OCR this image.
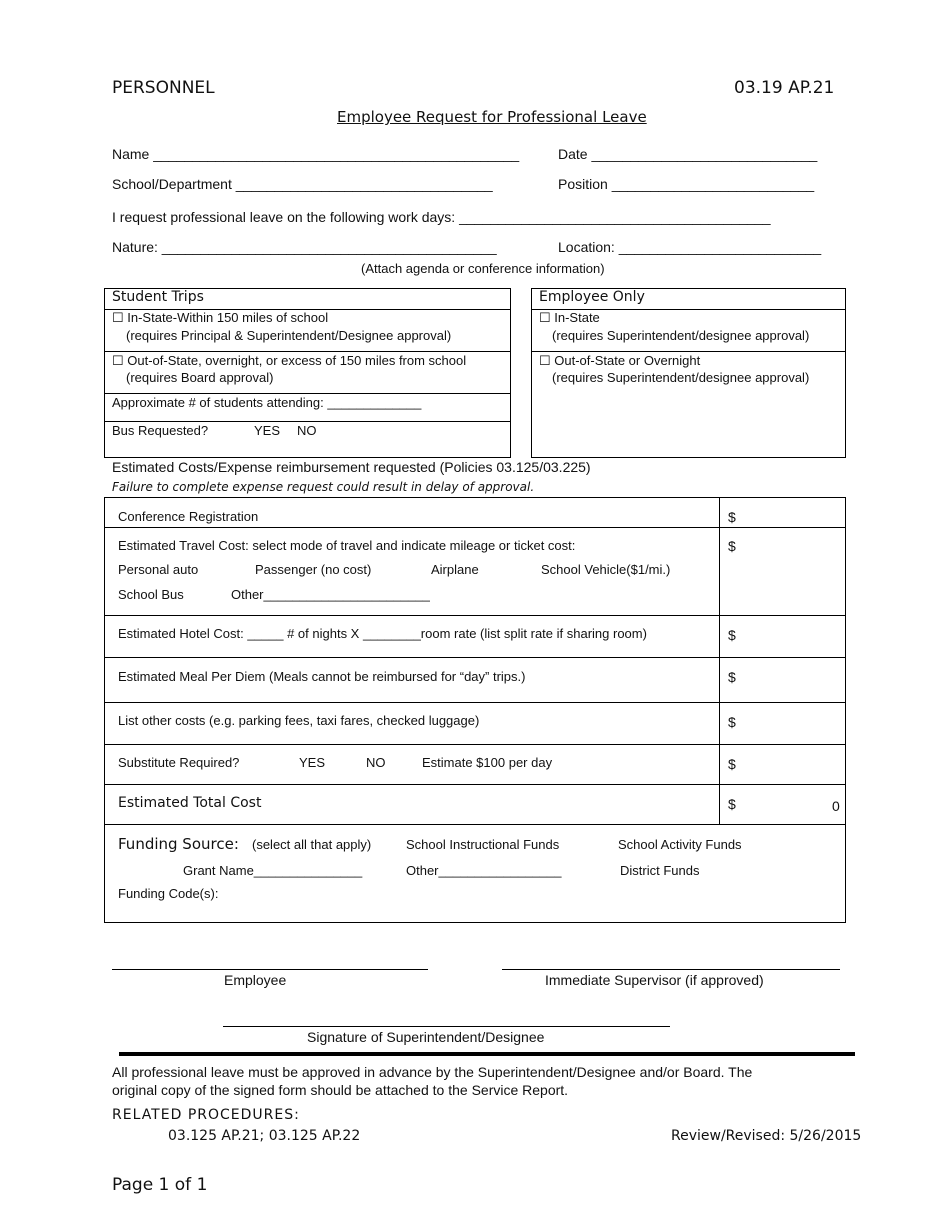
PERSONNEL	03.19 AP.21
Employee Request for Professional Leave
Name _______________________________________________	Date _____________________________
School/Department _________________________________	Position __________________________
I request professional leave on the following work days: ________________________________________
Nature: ___________________________________________	Location: __________________________
(Attach agenda or conference information)
Student Trips
☐ In-State-Within 150 miles of school
(requires Principal & Superintendent/Designee approval)
☐ Out-of-State, overnight, or excess of 150 miles from school
(requires Board approval)
Approximate # of students attending: _____________
Bus Requested?	YES NO
Employee Only
☐ In-State
(requires Superintendent/designee approval)
☐ Out-of-State or Overnight
(requires Superintendent/designee approval)
Estimated Costs/Expense reimbursement requested (Policies 03.125/03.225)
Failure to complete expense request could result in delay of approval.
Conference Registration	$
Estimated Travel Cost: select mode of travel and indicate mileage or ticket cost:	$
Personal auto	Passenger (no cost)	Airplane	School Vehicle($1/mi.)
School Bus	Other_______________________
Estimated Hotel Cost: _____ # of nights X ________room rate (list split rate if sharing room)	$
Estimated Meal Per Diem (Meals cannot be reimbursed for “day” trips.)	$
List other costs (e.g. parking fees, taxi fares, checked luggage)	$
Substitute Required?	YES	NO	Estimate $100 per day	$
Estimated Total Cost	$	0
Funding Source: (select all that apply)	School Instructional Funds	School Activity Funds
Grant Name_______________	Other_________________	District Funds
Funding Code(s):
Employee	Immediate Supervisor (if approved)
Signature of Superintendent/Designee
All professional leave must be approved in advance by the Superintendent/Designee and/or Board. The
original copy of the signed form should be attached to the Service Report.
RELATED PROCEDURES:
03.125 AP.21; 03.125 AP.22	Review/Revised: 5/26/2015
Page 1 of 1
